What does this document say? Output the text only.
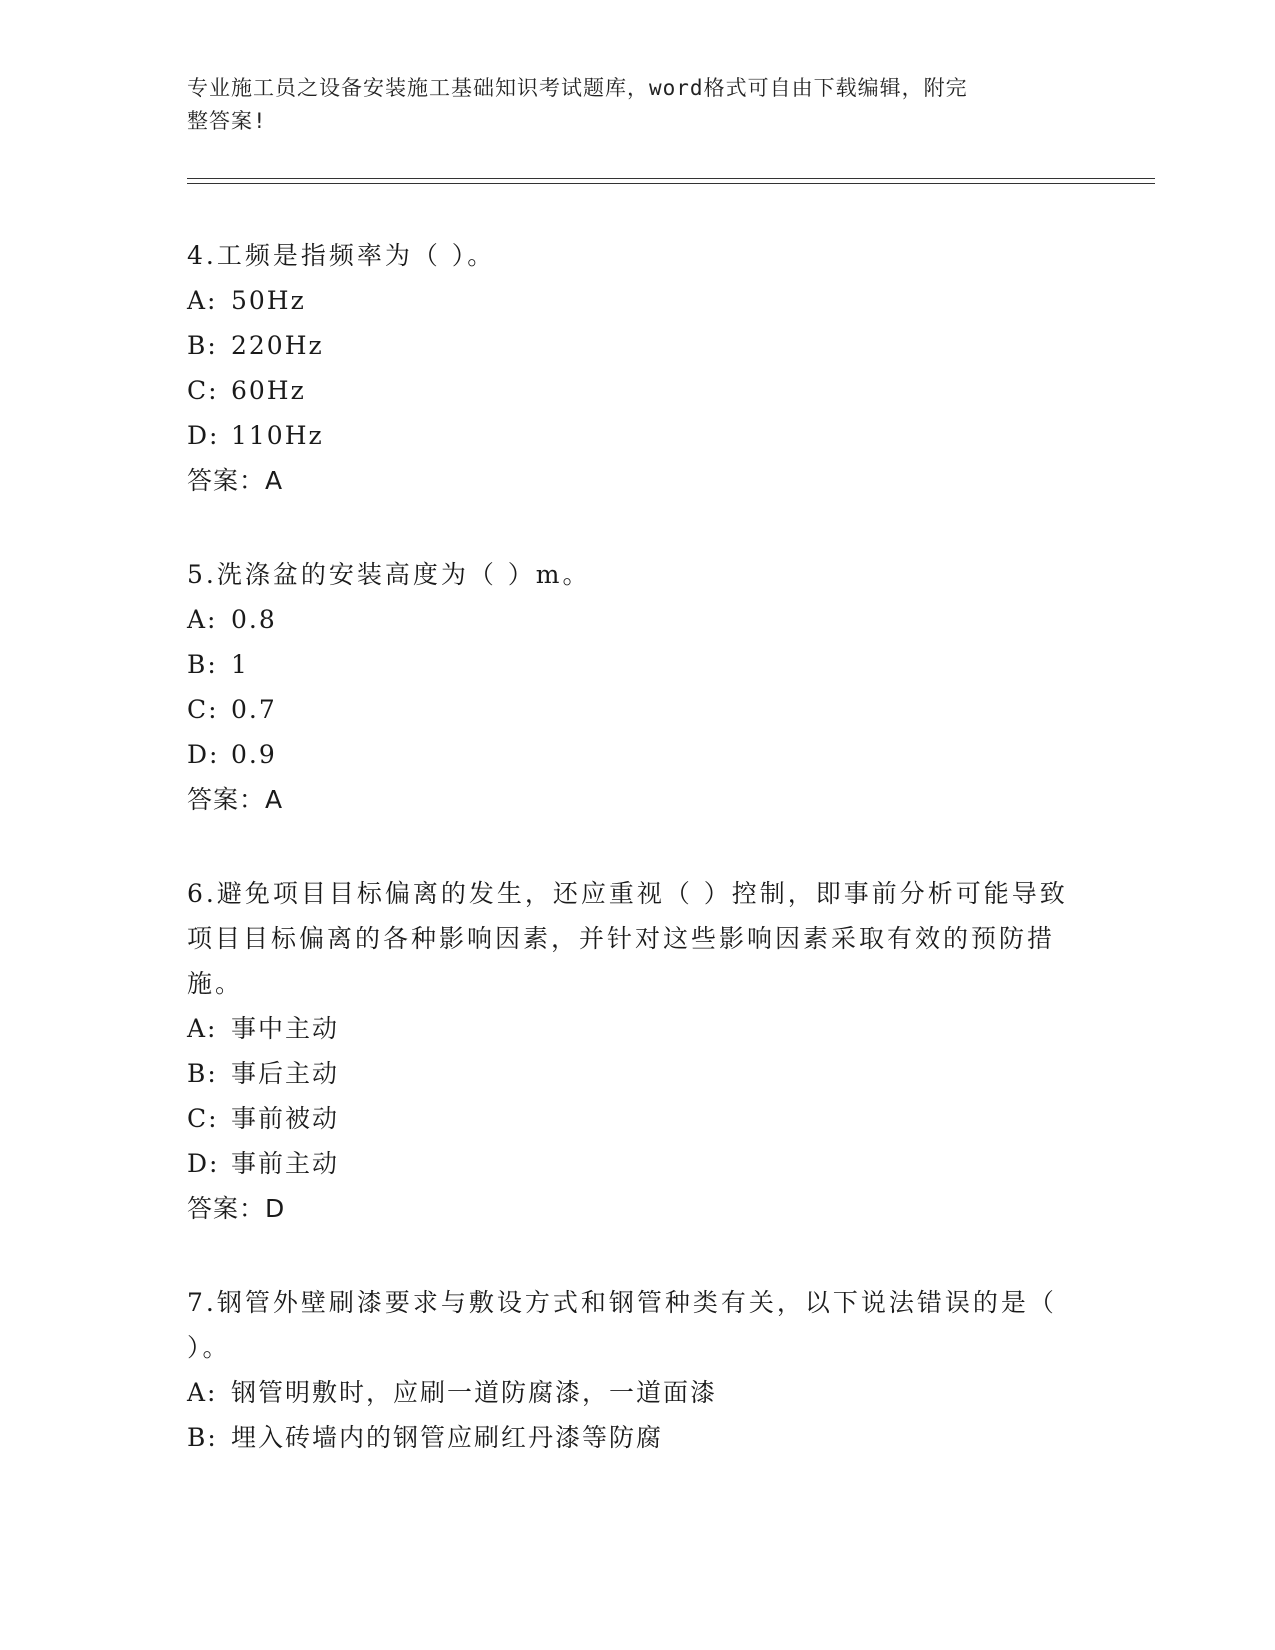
专业施工员之设备安装施工基础知识考试题库，word格式可自由下载编辑，附完
整答案!

4.工频是指频率为（ ）。

A: 50Hz

B: 220Hz

C: 60Hz

D: 110Hz

答案：A

5.洗涤盆的安装高度为（ ）m。

A: 0.8

B: 1

C: 0.7

D: 0.9

答案：A

6.避免项目目标偏离的发生，还应重视（ ）控制，即事前分析可能导致项目目标偏离的各种影响因素，并针对这些影响因素采取有效的预防措施。

A: 事中主动

B: 事后主动

C: 事前被动

D: 事前主动

答案：D

7.钢管外壁刷漆要求与敷设方式和钢管种类有关，以下说法错误的是（ ）。

A: 钢管明敷时，应刷一道防腐漆，一道面漆

B: 埋入砖墙内的钢管应刷红丹漆等防腐
